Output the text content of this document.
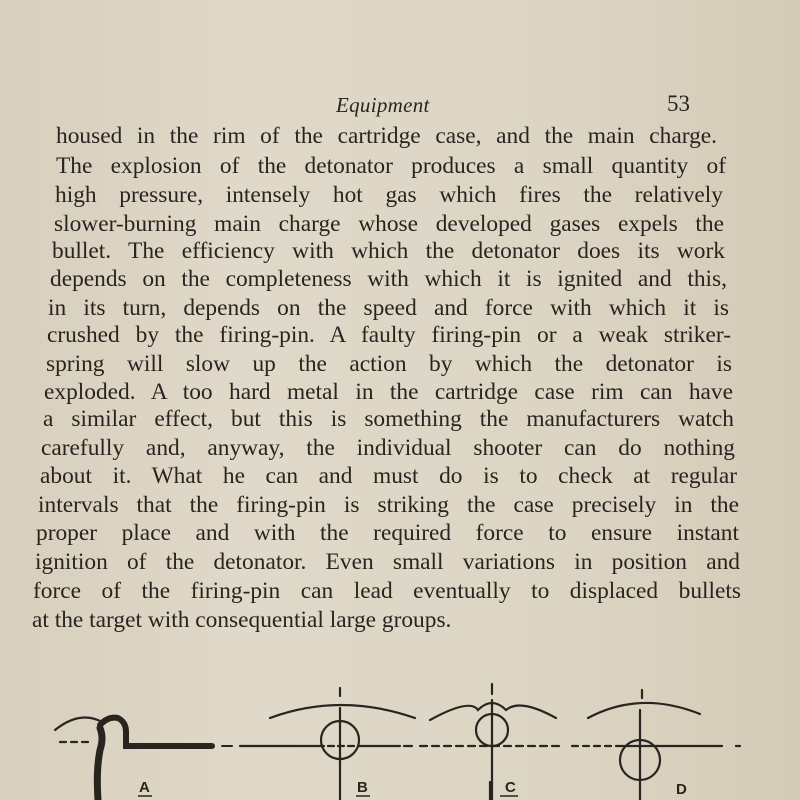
Equipment	53
housed in the rim of the cartridge case, and the main charge.
The explosion of the detonator produces a small quantity of
high pressure, intensely hot gas which fires the relatively
slower-burning main charge whose developed gases expels the
bullet. The efficiency with which the detonator does its work
depends on the completeness with which it is ignited and this,
in its turn, depends on the speed and force with which it is
crushed by the firing-pin. A faulty firing-pin or a weak striker-
spring will slow up the action by which the detonator is
exploded. A too hard metal in the cartridge case rim can have
a similar effect, but this is something the manufacturers watch
carefully and, anyway, the individual shooter can do nothing
about it. What he can and must do is to check at regular
intervals that the firing-pin is striking the case precisely in the
proper place and with the required force to ensure instant
ignition of the detonator. Even small variations in position and
force of the firing-pin can lead eventually to displaced bullets
at the target with consequential large groups.
A	B	C	D
